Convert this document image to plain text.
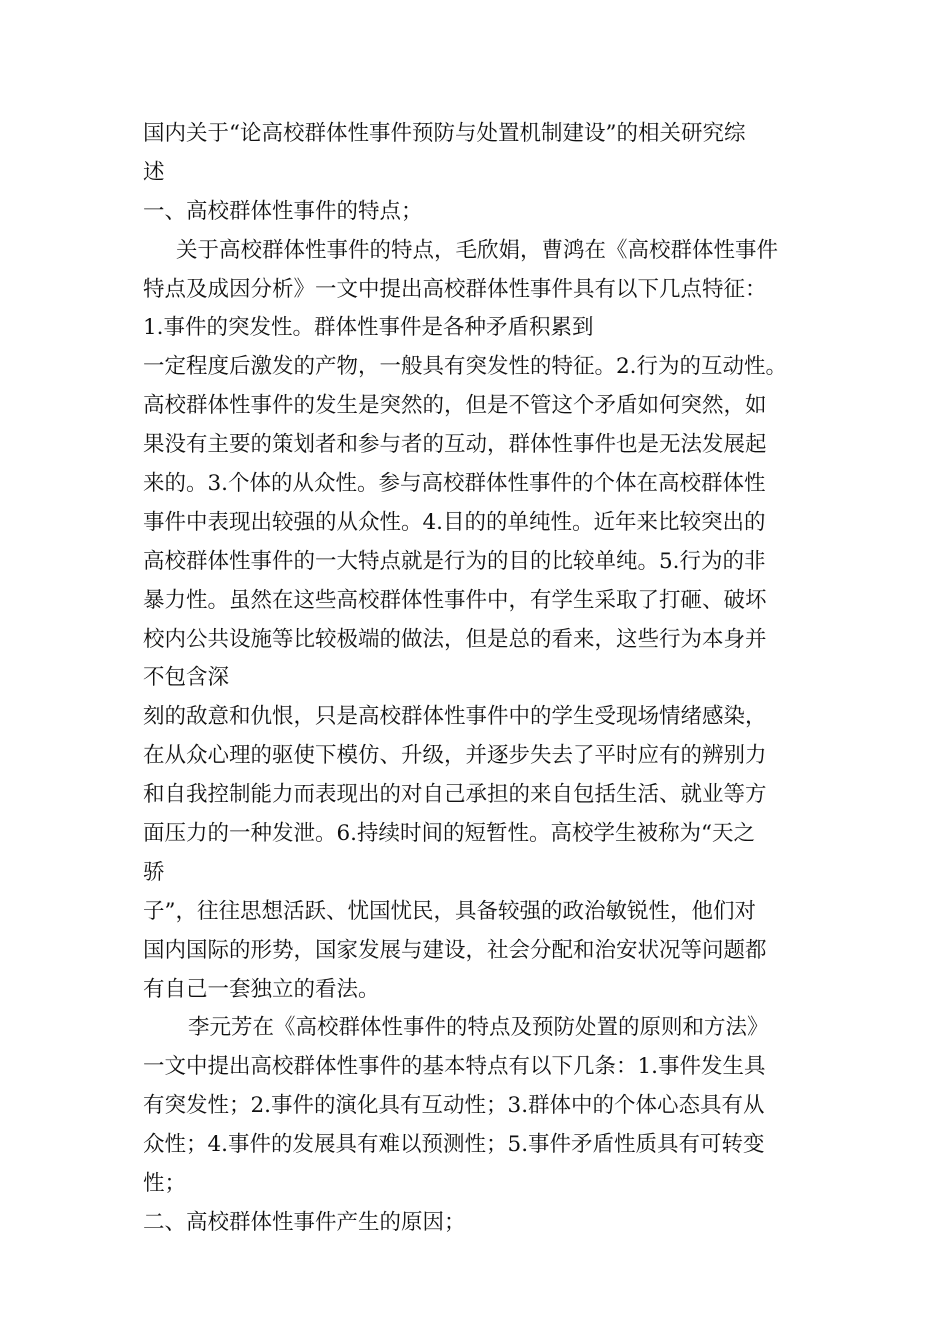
国内关于“论高校群体性事件预防与处置机制建设”的相关研究综
述
一、高校群体性事件的特点；
关于高校群体性事件的特点，毛欣娟，曹鸿在《高校群体性事件
特点及成因分析》一文中提出高校群体性事件具有以下几点特征：
1.事件的突发性。群体性事件是各种矛盾积累到
一定程度后激发的产物，一般具有突发性的特征。2.行为的互动性。
高校群体性事件的发生是突然的，但是不管这个矛盾如何突然，如
果没有主要的策划者和参与者的互动，群体性事件也是无法发展起
来的。3.个体的从众性。参与高校群体性事件的个体在高校群体性
事件中表现出较强的从众性。4.目的的单纯性。近年来比较突出的
高校群体性事件的一大特点就是行为的目的比较单纯。5.行为的非
暴力性。虽然在这些高校群体性事件中，有学生采取了打砸、破坏
校内公共设施等比较极端的做法，但是总的看来，这些行为本身并
不包含深
刻的敌意和仇恨，只是高校群体性事件中的学生受现场情绪感染，
在从众心理的驱使下模仿、升级，并逐步失去了平时应有的辨别力
和自我控制能力而表现出的对自己承担的来自包括生活、就业等方
面压力的一种发泄。6.持续时间的短暂性。高校学生被称为“天之
骄
子”，往往思想活跃、忧国忧民，具备较强的政治敏锐性，他们对
国内国际的形势，国家发展与建设，社会分配和治安状况等问题都
有自己一套独立的看法。
李元芳在《高校群体性事件的特点及预防处置的原则和方法》
一文中提出高校群体性事件的基本特点有以下几条：1.事件发生具
有突发性；2.事件的演化具有互动性；3.群体中的个体心态具有从
众性；4.事件的发展具有难以预测性；5.事件矛盾性质具有可转变
性；
二、高校群体性事件产生的原因；
